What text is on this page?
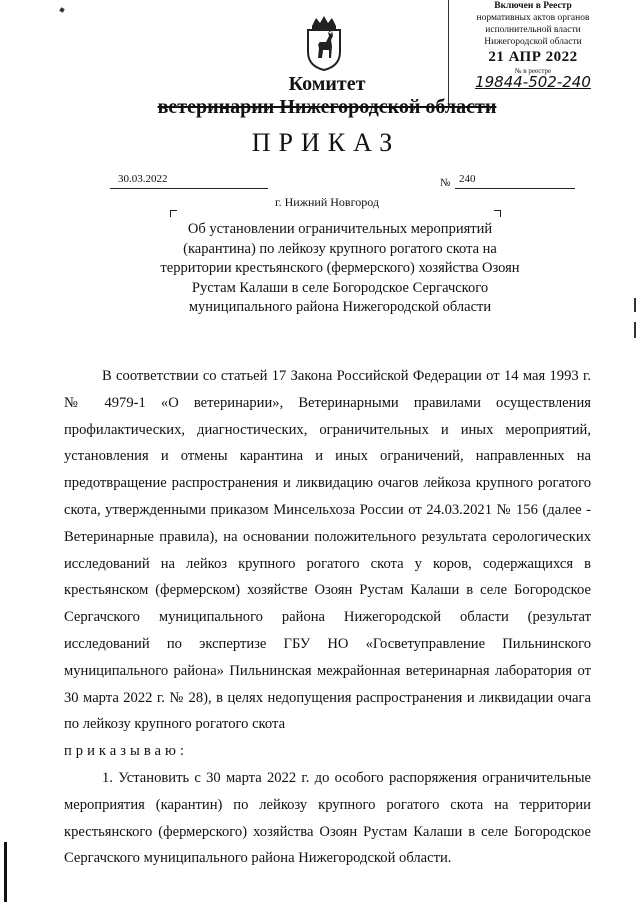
Включен в Реестр
нормативных актов органов
исполнительной власти
Нижегородской области
21 АПР 2022
№ в реестре
19844-502-240
Комитет
ветеринарии Нижегородской области
ПРИКАЗ
30.03.2022	№ 240
г. Нижний Новгород
Об установлении ограничительных мероприятий (карантина) по лейкозу крупного рогатого скота на территории крестьянского (фермерского) хозяйства Озоян Рустам Калаши в селе Богородское Сергачского муниципального района Нижегородской области
В соответствии со статьей 17 Закона Российской Федерации от 14 мая 1993 г. № 4979-1 «О ветеринарии», Ветеринарными правилами осуществления профилактических, диагностических, ограничительных и иных мероприятий, установления и отмены карантина и иных ограничений, направленных на предотвращение распространения и ликвидацию очагов лейкоза крупного рогатого скота, утвержденными приказом Минсельхоза России от 24.03.2021 № 156 (далее - Ветеринарные правила), на основании положительного результата серологических исследований на лейкоз крупного рогатого скота у коров, содержащихся в крестьянском (фермерском) хозяйстве Озоян Рустам Калаши в селе Богородское Сергачского муниципального района Нижегородской области (результат исследований по экспертизе ГБУ НО «Госветуправление Пильнинского муниципального района» Пильнинская межрайонная ветеринарная лаборатория от 30 марта 2022 г. № 28), в целях недопущения распространения и ликвидации очага по лейкозу крупного рогатого скота
приказываю:
1. Установить с 30 марта 2022 г. до особого распоряжения ограничительные мероприятия (карантин) по лейкозу крупного рогатого скота на территории крестьянского (фермерского) хозяйства Озоян Рустам Калаши в селе Богородское Сергачского муниципального района Нижегородской области.
